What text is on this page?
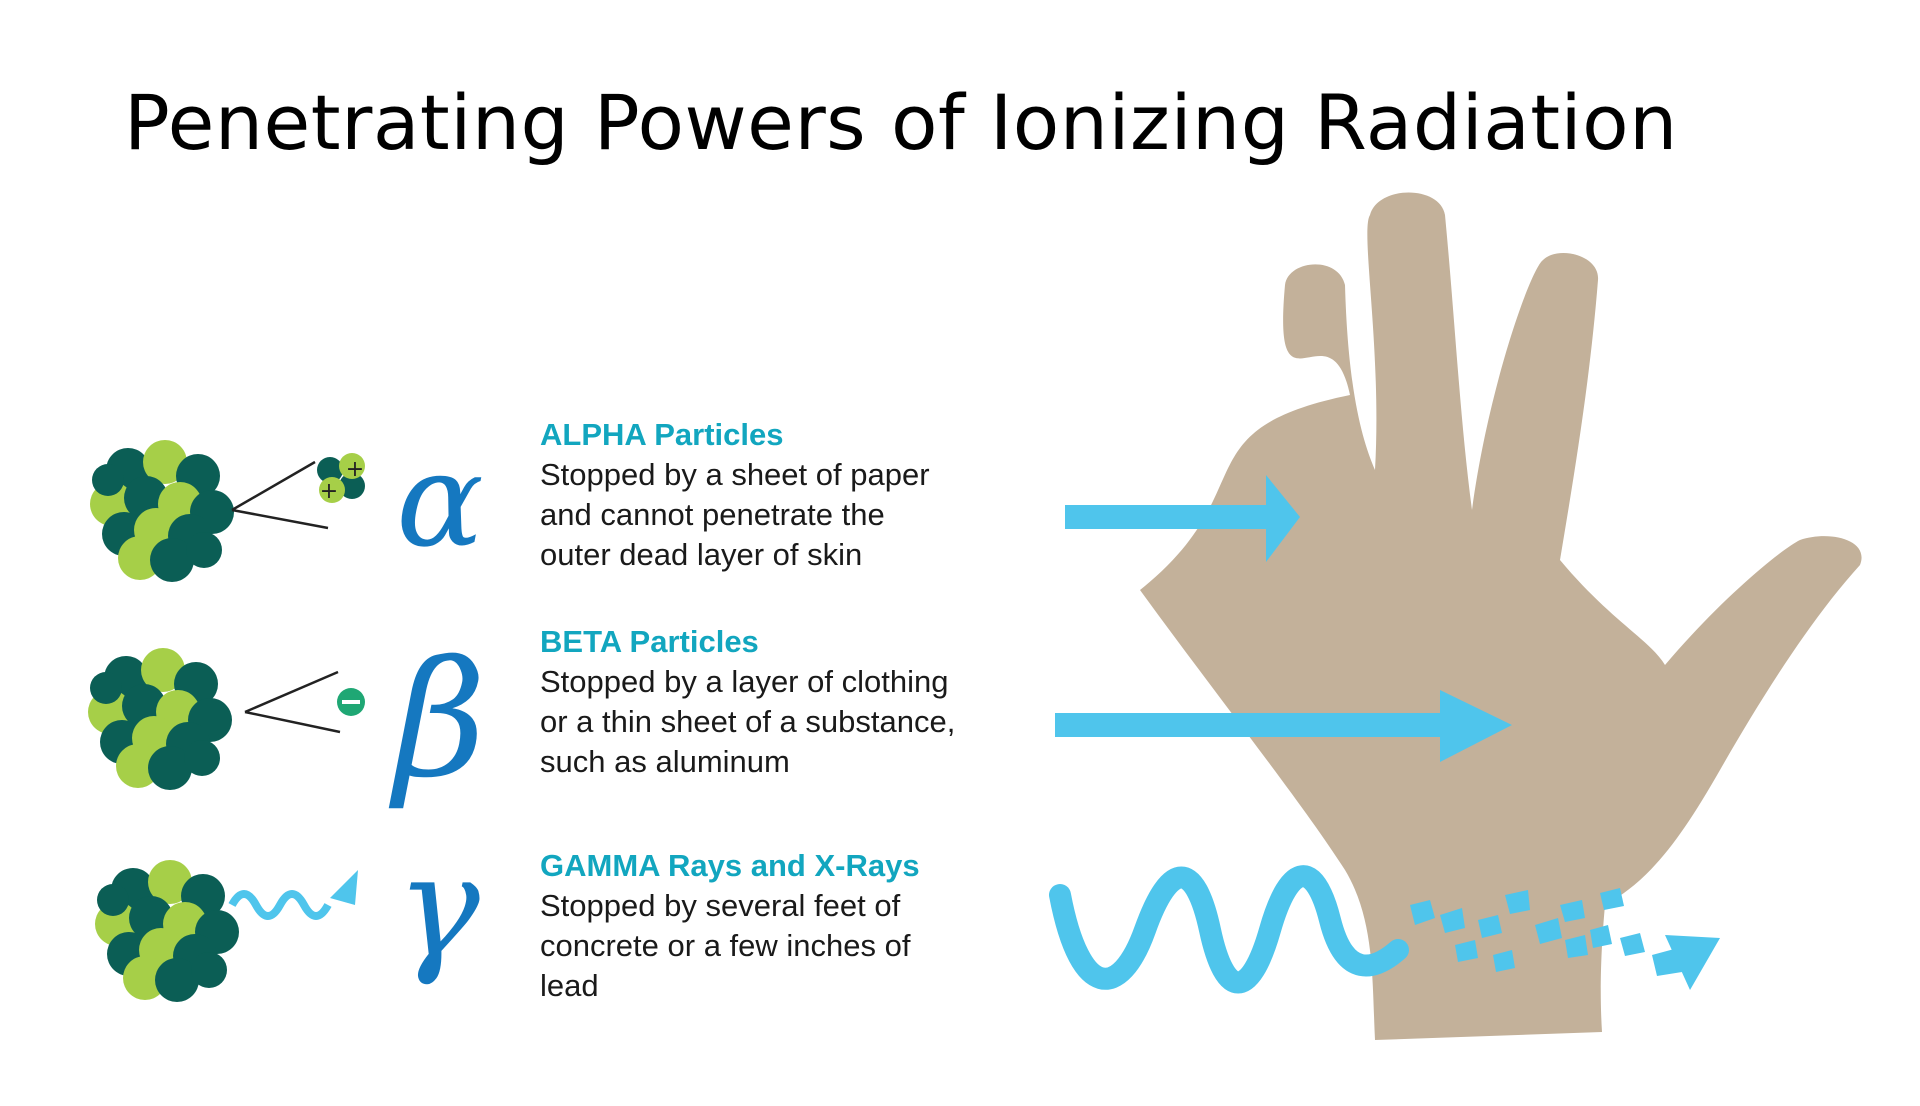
Penetrating Powers of Ionizing Radiation
+
+ α
β
γ
ALPHA Particles
Stopped by a sheet of paper
and cannot penetrate the
outer dead layer of skin
BETA Particles
Stopped by a layer of clothing
or a thin sheet of a substance,
such as aluminum
GAMMA Rays and X-Rays
Stopped by several feet of
concrete or a few inches of
lead
